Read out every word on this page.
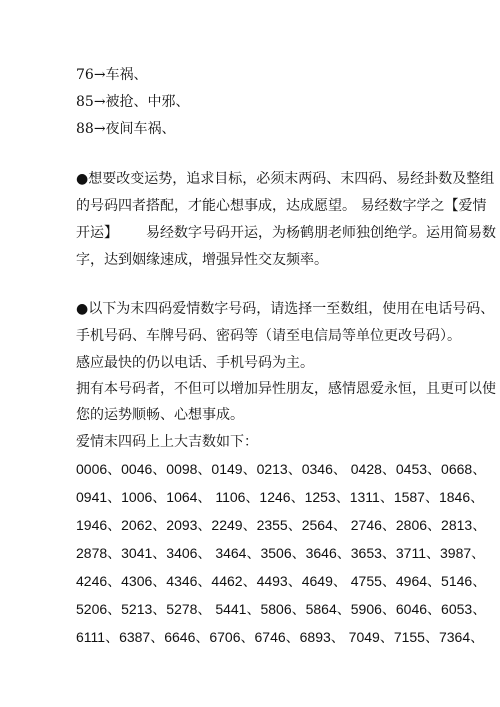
76→车祸、

85→被抢、中邪、

88→夜间车祸、

●想要改变运势，追求目标，必须末两码、末四码、易经卦数及整组

的号码四者搭配，才能心想事成，达成愿望。 易经数字学之【爱情

开运】 易经数字号码开运，为杨鹤朋老师独创绝学。运用简易数

字，达到姻缘速成，增强异性交友频率。

●以下为末四码爱情数字号码，请选择一至数组，使用在电话号码、

手机号码、车牌号码、密码等（请至电信局等单位更改号码）。

感应最快的仍以电话、手机号码为主。

拥有本号码者，不但可以增加异性朋友，感情恩爱永恒，且更可以使

您的运势顺畅、心想事成。

爱情末四码上上大吉数如下：

0006、0046、0098、0149、0213、0346、 0428、0453、0668、

0941、1006、1064、 1106、1246、1253、1311、1587、1846、

1946、2062、2093、2249、2355、2564、 2746、2806、2813、

2878、3041、3406、 3464、3506、3646、3653、3711、3987、

4246、4306、4346、4462、4493、4649、 4755、4964、5146、

5206、5213、5278、 5441、5806、5864、5906、6046、6053、

6111、6387、6646、6706、6746、6893、 7049、7155、7364、
